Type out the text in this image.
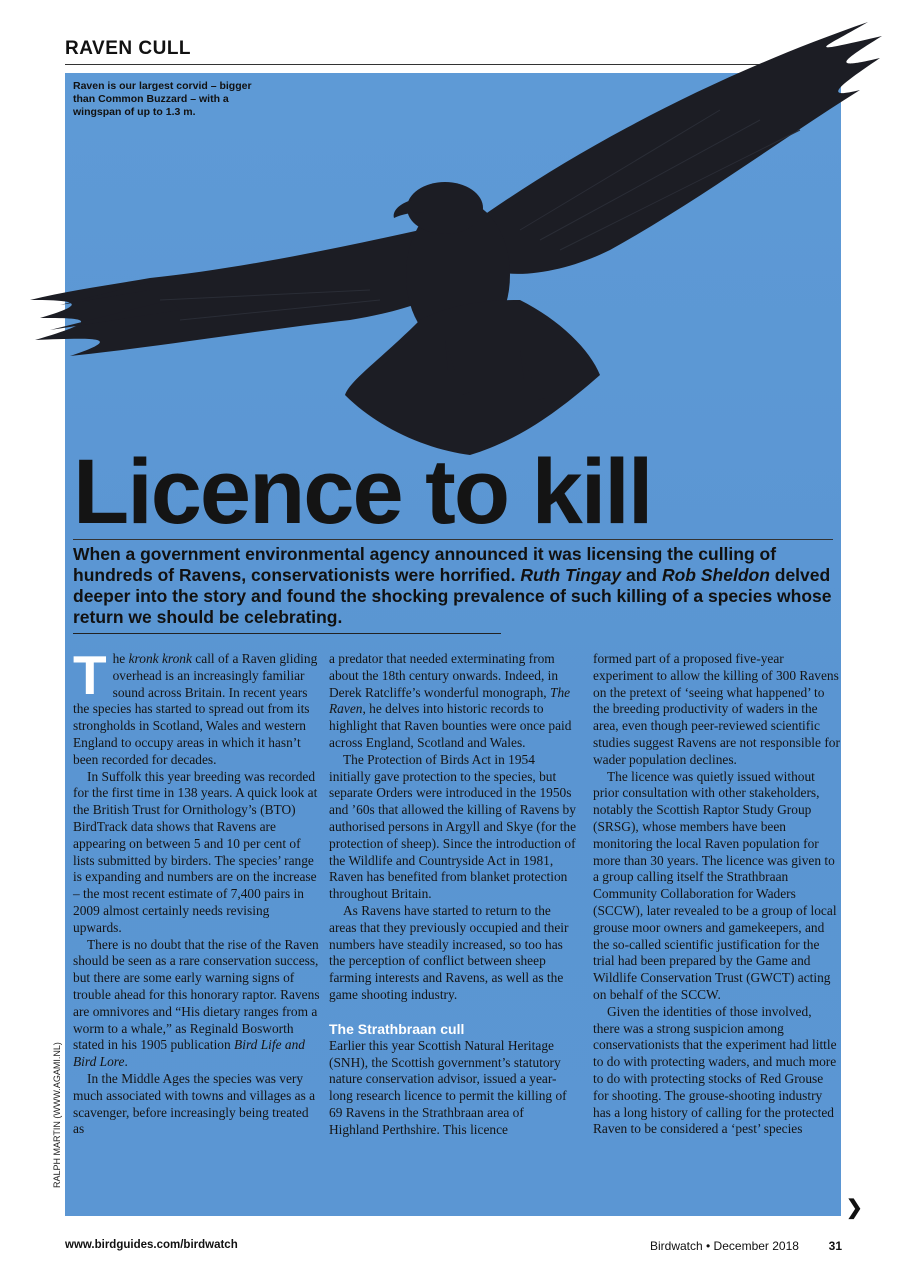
RAVEN CULL
Raven is our largest corvid – bigger than Common Buzzard – with a wingspan of up to 1.3 m.
Licence to kill
When a government environmental agency announced it was licensing the culling of hundreds of Ravens, conservationists were horrified. Ruth Tingay and Rob Sheldon delved deeper into the story and found the shocking prevalence of such killing of a species whose return we should be celebrating.

The kronk kronk call of a Raven gliding overhead is an increasingly familiar sound across Britain. In recent years the species has started to spread out from its strongholds in Scotland, Wales and western England to occupy areas in which it hasn’t been recorded for decades.

In Suffolk this year breeding was recorded for the first time in 138 years. A quick look at the British Trust for Ornithology’s (BTO) BirdTrack data shows that Ravens are appearing on between 5 and 10 per cent of lists submitted by birders. The species’ range is expanding and numbers are on the increase – the most recent estimate of 7,400 pairs in 2009 almost certainly needs revising upwards.

There is no doubt that the rise of the Raven should be seen as a rare conservation success, but there are some early warning signs of trouble ahead for this honorary raptor. Ravens are omnivores and “His dietary ranges from a worm to a whale,” as Reginald Bosworth stated in his 1905 publication Bird Life and Bird Lore.

In the Middle Ages the species was very much associated with towns and villages as a scavenger, before increasingly being treated as

a predator that needed exterminating from about the 18th century onwards. Indeed, in Derek Ratcliffe’s wonderful monograph, The Raven, he delves into historic records to highlight that Raven bounties were once paid across England, Scotland and Wales.

The Protection of Birds Act in 1954 initially gave protection to the species, but separate Orders were introduced in the 1950s and ’60s that allowed the killing of Ravens by authorised persons in Argyll and Skye (for the protection of sheep). Since the introduction of the Wildlife and Countryside Act in 1981, Raven has benefited from blanket protection throughout Britain.

As Ravens have started to return to the areas that they previously occupied and their numbers have steadily increased, so too has the perception of conflict between sheep farming interests and Ravens, as well as the game shooting industry.

The Strathbraan cull

Earlier this year Scottish Natural Heritage (SNH), the Scottish government’s statutory nature conservation advisor, issued a year-long research licence to permit the killing of 69 Ravens in the Strathbraan area of Highland Perthshire. This licence

formed part of a proposed five-year experiment to allow the killing of 300 Ravens on the pretext of ‘seeing what happened’ to the breeding productivity of waders in the area, even though peer-reviewed scientific studies suggest Ravens are not responsible for wader population declines.

The licence was quietly issued without prior consultation with other stakeholders, notably the Scottish Raptor Study Group (SRSG), whose members have been monitoring the local Raven population for more than 30 years. The licence was given to a group calling itself the Strathbraan Community Collaboration for Waders (SCCW), later revealed to be a group of local grouse moor owners and gamekeepers, and the so-called scientific justification for the trial had been prepared by the Game and Wildlife Conservation Trust (GWCT) acting on behalf of the SCCW.

Given the identities of those involved, there was a strong suspicion among conservationists that the experiment had little to do with protecting waders, and much more to do with protecting stocks of Red Grouse for shooting. The grouse-shooting industry has a long history of calling for the protected Raven to be considered a ‘pest’ species

RALPH MARTIN (WWW.AGAMI.NL)
❯
www.birdguides.com/birdwatch	Birdwatch • December 2018 31
